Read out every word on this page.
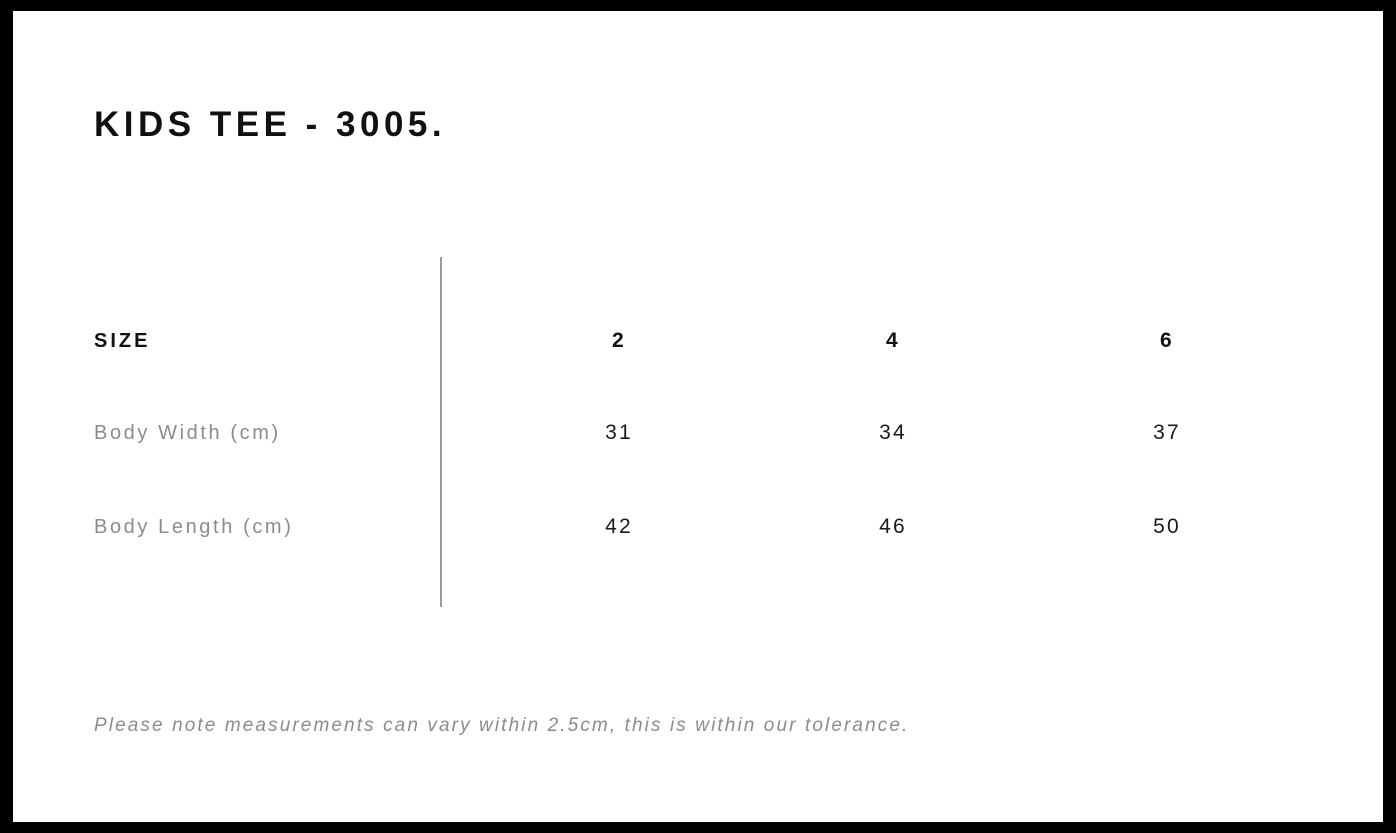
KIDS TEE - 3005.
SIZE	2	4	6
Body Width (cm)	31	34	37
Body Length (cm)	42	46	50
Please note measurements can vary within 2.5cm, this is within our tolerance.
